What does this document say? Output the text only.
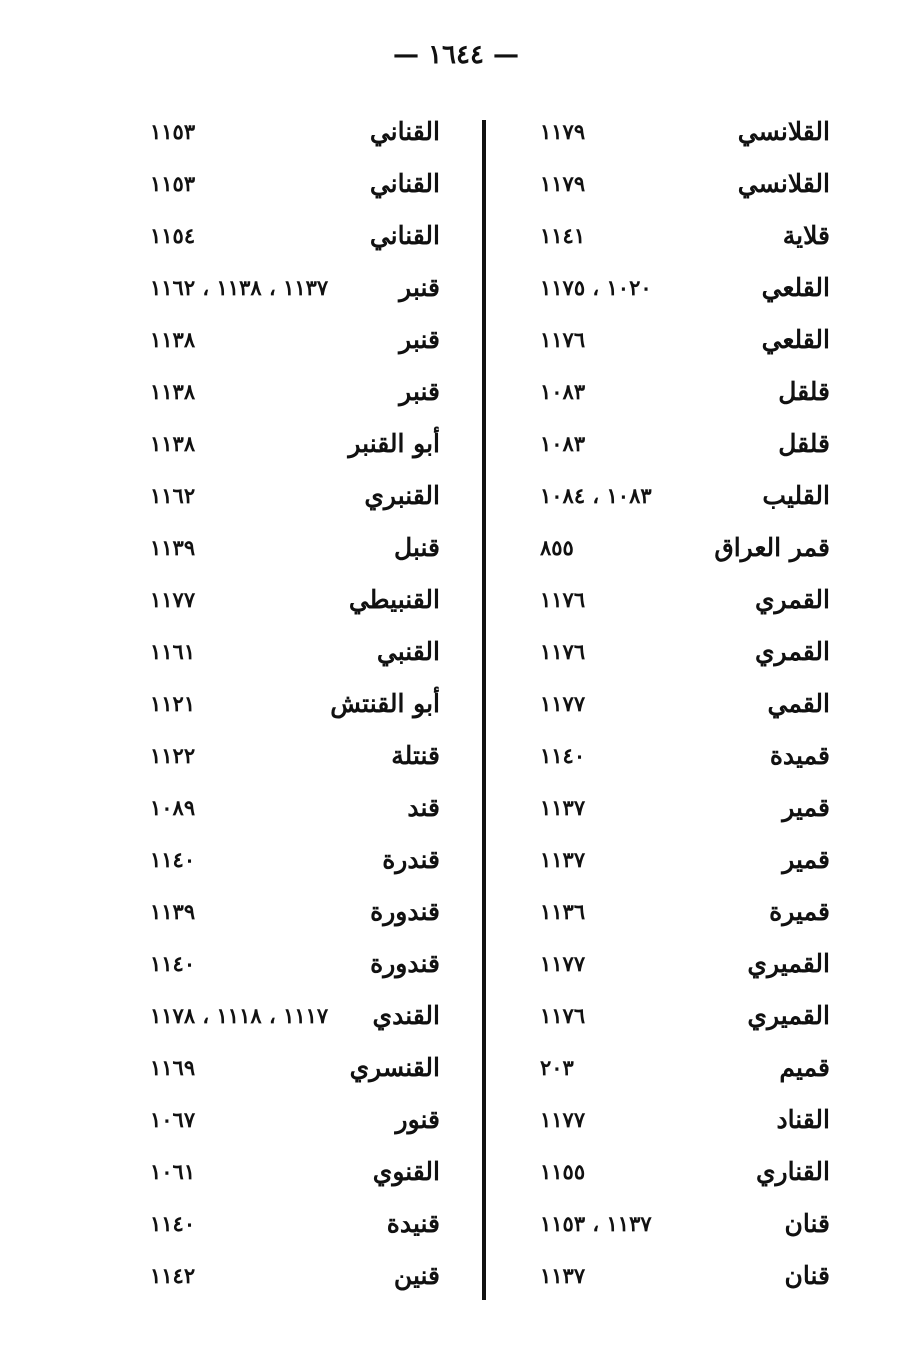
— ١٦٤٤ —
القلانسي
١١٧٩
القلانسي
١١٧٩
قلاية
١١٤١
القلعي
١٠٢٠ ، ١١٧٥
القلعي
١١٧٦
قلقل
١٠٨٣
قلقل
١٠٨٣
القليب
١٠٨٣ ، ١٠٨٤
قمر العراق
٨٥٥
القمري
١١٧٦
القمري
١١٧٦
القمي
١١٧٧
قميدة
١١٤٠
قمير
١١٣٧
قمير
١١٣٧
قميرة
١١٣٦
القميري
١١٧٧
القميري
١١٧٦
قميم
٢٠٣
القناد
١١٧٧
القناري
١١٥٥
قنان
١١٣٧ ، ١١٥٣
قنان
١١٣٧
القناني
١١٥٣
القناني
١١٥٣
القناني
١١٥٤
قنبر
١١٣٧ ، ١١٣٨ ، ١١٦٢
قنبر
١١٣٨
قنبر
١١٣٨
أبو القنبر
١١٣٨
القنبري
١١٦٢
قنبل
١١٣٩
القنبيطي
١١٧٧
القنبي
١١٦١
أبو القنتش
١١٢١
قنتلة
١١٢٢
قند
١٠٨٩
قندرة
١١٤٠
قندورة
١١٣٩
قندورة
١١٤٠
القندي
١١١٧ ، ١١١٨ ، ١١٧٨
القنسري
١١٦٩
قنور
١٠٦٧
القنوي
١٠٦١
قنيدة
١١٤٠
قنين
١١٤٢
